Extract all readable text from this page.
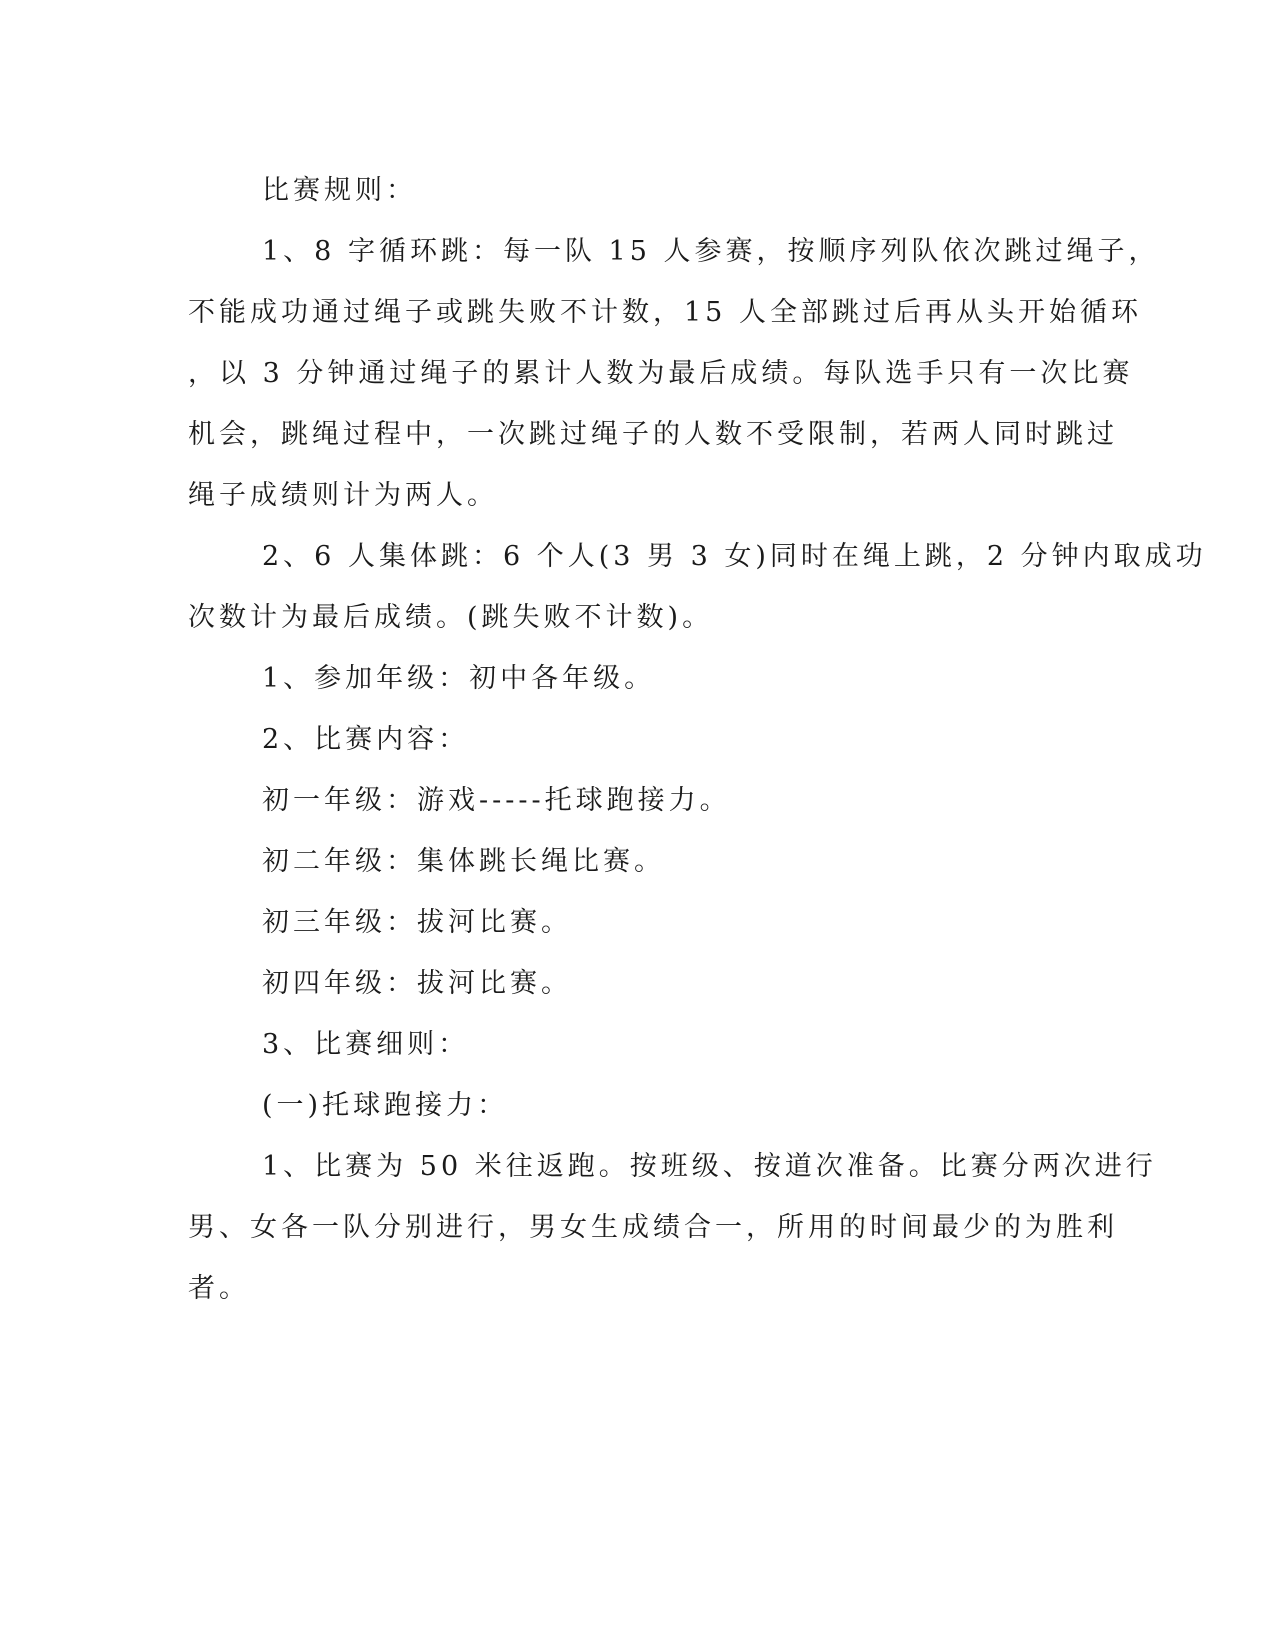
比赛规则：

1、8 字循环跳：每一队 15 人参赛，按顺序列队依次跳过绳子，

不能成功通过绳子或跳失败不计数，15 人全部跳过后再从头开始循环

，以 3 分钟通过绳子的累计人数为最后成绩。每队选手只有一次比赛

机会，跳绳过程中，一次跳过绳子的人数不受限制，若两人同时跳过

绳子成绩则计为两人。

2、6 人集体跳：6 个人(3 男 3 女)同时在绳上跳，2 分钟内取成功

次数计为最后成绩。(跳失败不计数)。

1、参加年级：初中各年级。

2、比赛内容：

初一年级：游戏-----托球跑接力。

初二年级：集体跳长绳比赛。

初三年级：拔河比赛。

初四年级：拔河比赛。

3、比赛细则：

(一)托球跑接力：

1、比赛为 50 米往返跑。按班级、按道次准备。比赛分两次进行

男、女各一队分别进行，男女生成绩合一，所用的时间最少的为胜利

者。
